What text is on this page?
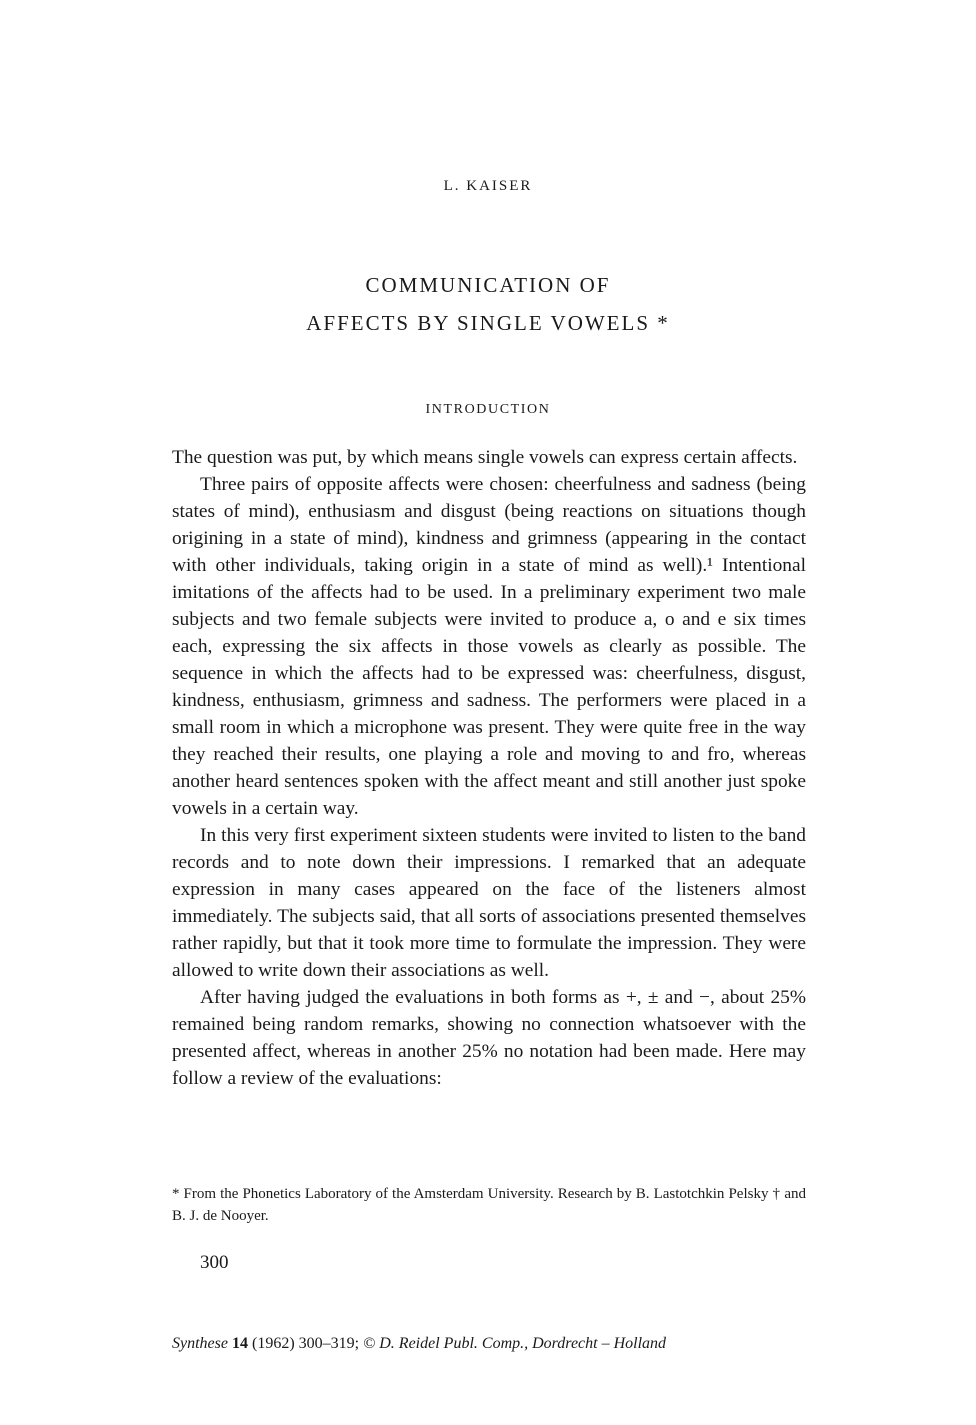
L. KAISER
COMMUNICATION OF
AFFECTS BY SINGLE VOWELS *
INTRODUCTION

The question was put, by which means single vowels can express certain affects.

Three pairs of opposite affects were chosen: cheerfulness and sadness (being states of mind), enthusiasm and disgust (being reactions on situations though origining in a state of mind), kindness and grimness (appearing in the contact with other individuals, taking origin in a state of mind as well).¹ Intentional imitations of the affects had to be used. In a preliminary experiment two male subjects and two female subjects were invited to produce a, o and e six times each, expressing the six affects in those vowels as clearly as possible. The sequence in which the affects had to be expressed was: cheerfulness, disgust, kindness, enthusiasm, grimness and sadness. The performers were placed in a small room in which a microphone was present. They were quite free in the way they reached their results, one playing a role and moving to and fro, whereas another heard sentences spoken with the affect meant and still another just spoke vowels in a certain way.

In this very first experiment sixteen students were invited to listen to the band records and to note down their impressions. I remarked that an adequate expression in many cases appeared on the face of the listeners almost immediately. The subjects said, that all sorts of associations presented themselves rather rapidly, but that it took more time to formulate the impression. They were allowed to write down their associations as well.

After having judged the evaluations in both forms as +, ± and −, about 25% remained being random remarks, showing no connection whatsoever with the presented affect, whereas in another 25% no notation had been made. Here may follow a review of the evaluations:

* From the Phonetics Laboratory of the Amsterdam University. Research by B. Lastotchkin Pelsky † and B. J. de Nooyer.
300
Synthese 14 (1962) 300–319; © D. Reidel Publ. Comp., Dordrecht – Holland
